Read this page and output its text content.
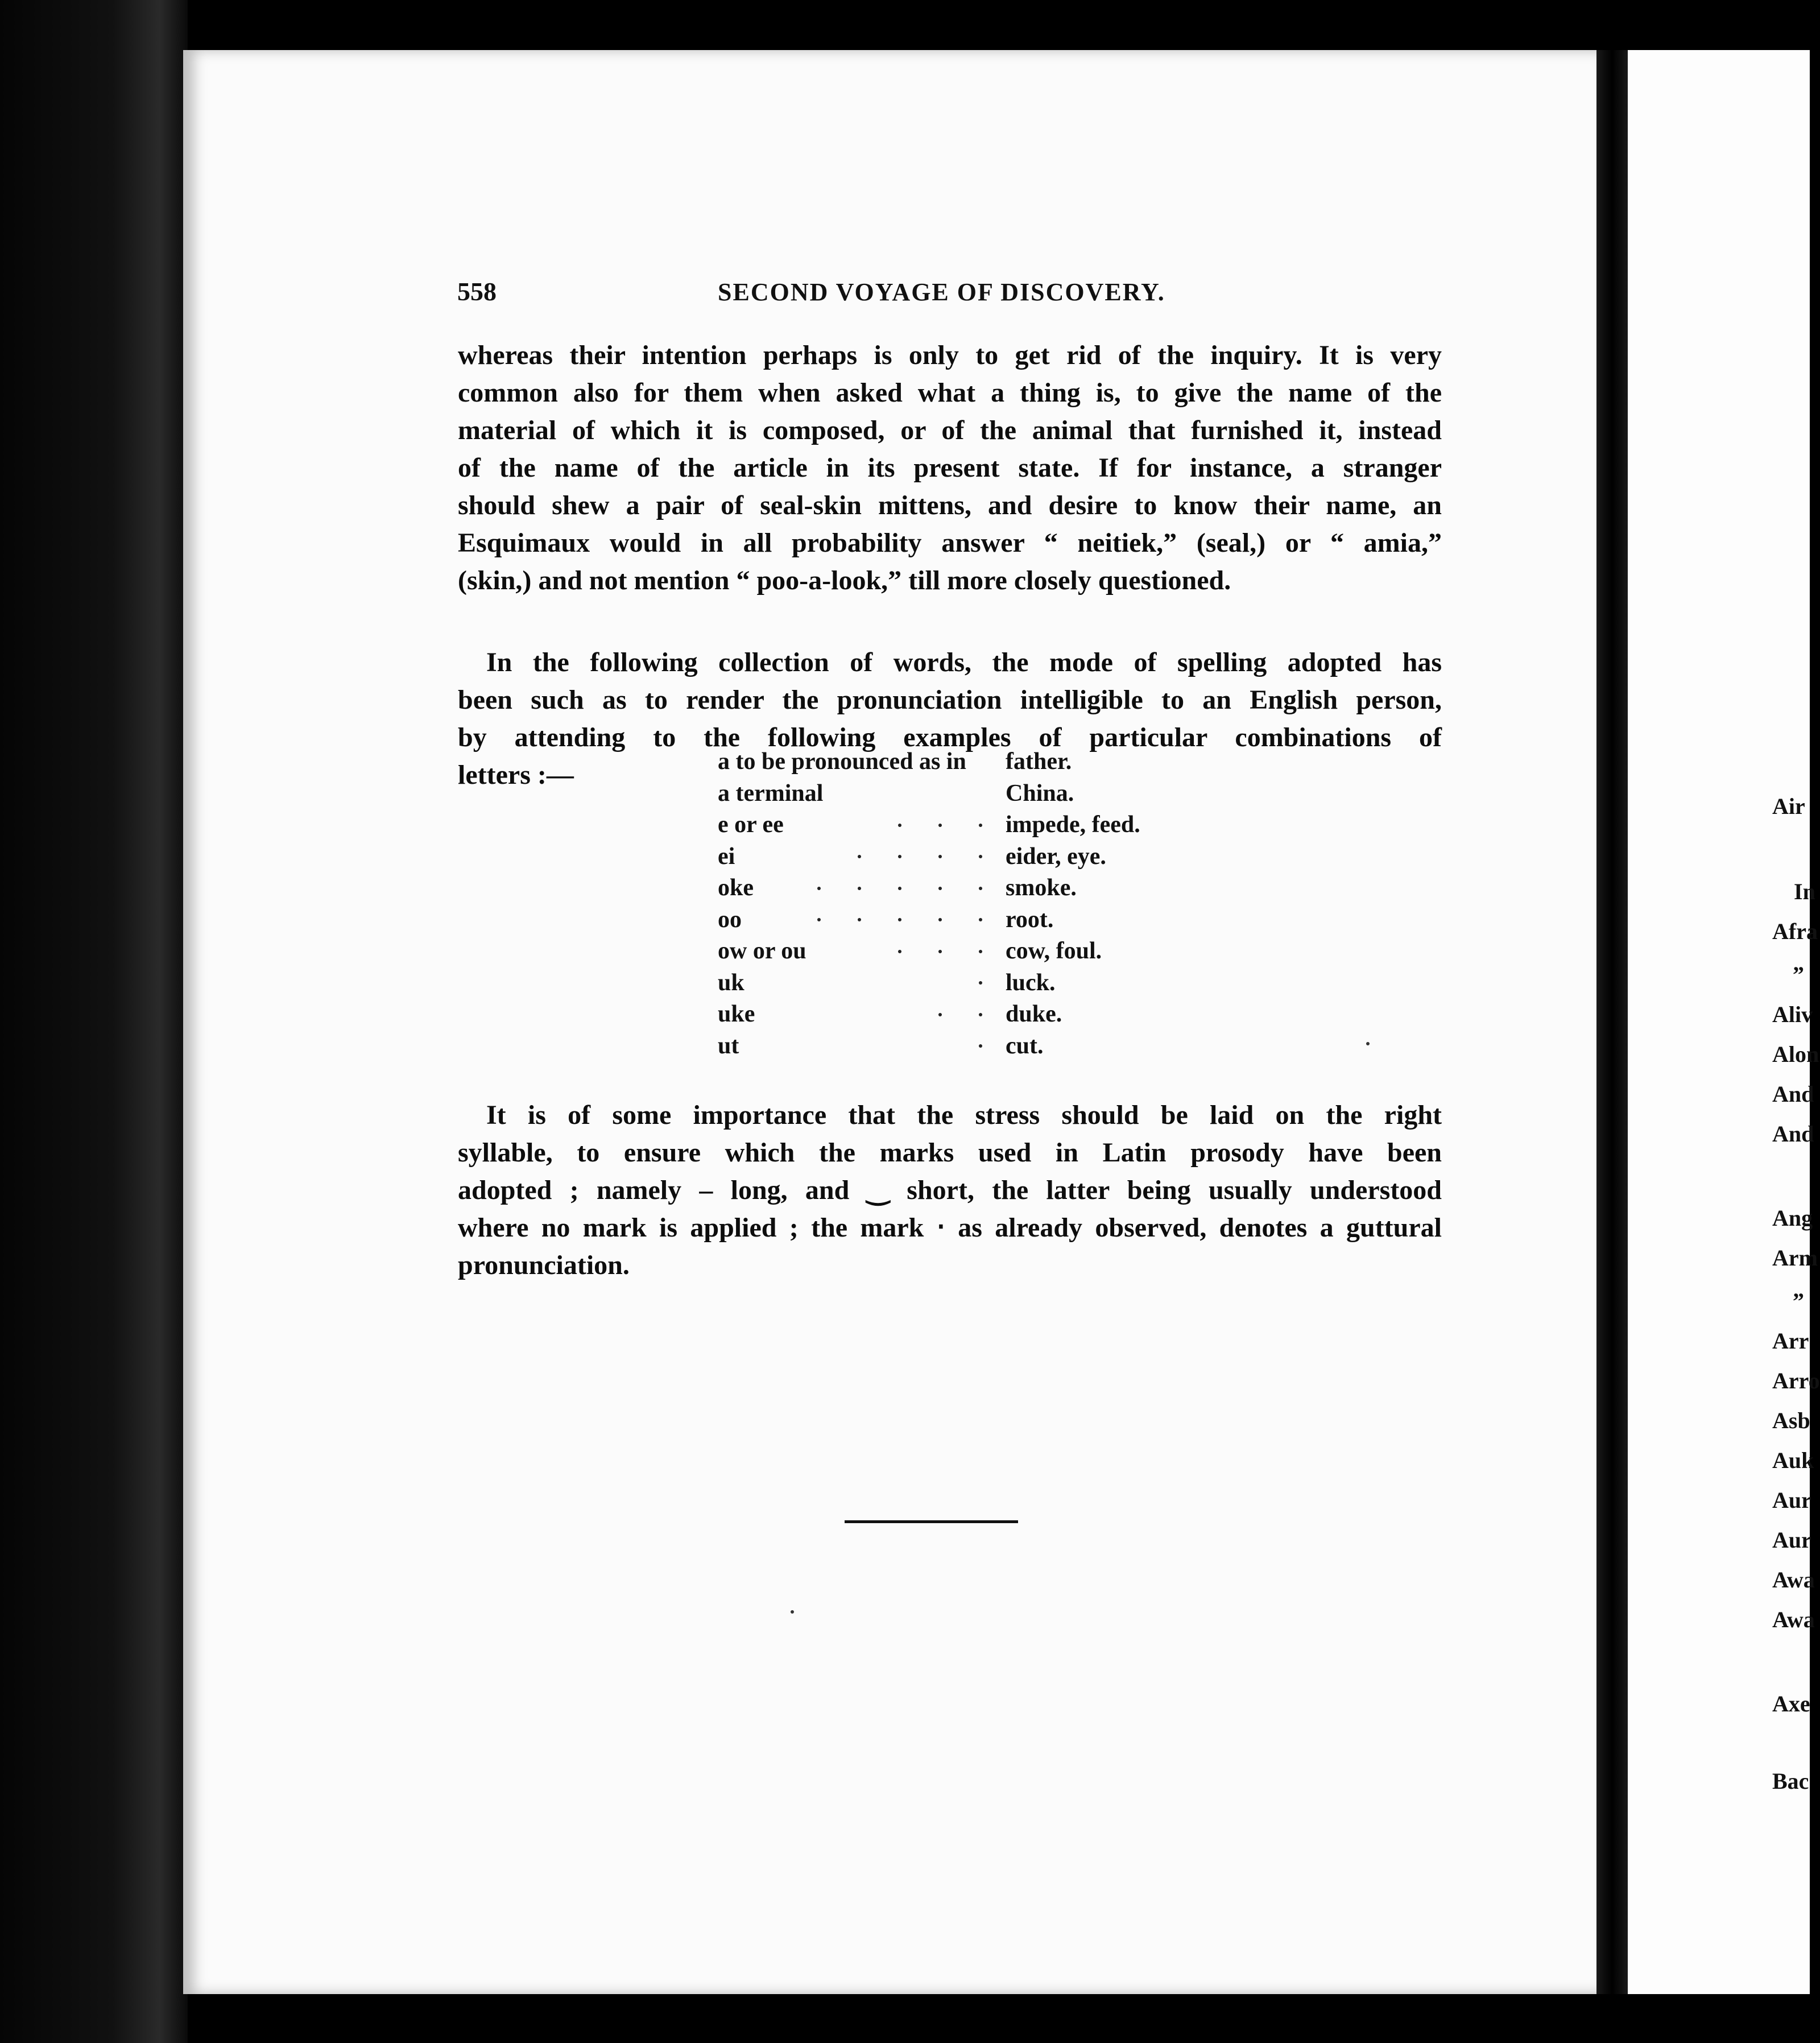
558	SECOND VOYAGE OF DISCOVERY.
whereas their intention perhaps is only to get rid of the inquiry. It is very
common also for them when asked what a thing is, to give the name of the
material of which it is composed, or of the animal that furnished it, instead
of the name of the article in its present state. If for instance, a stranger
should shew a pair of seal-skin mittens, and desire to know their name, an
Esquimaux would in all probability answer “ neitiek,” (seal,) or “ amia,”
(skin,) and not mention “ poo-a-look,” till more closely questioned.
In the following collection of words, the mode of spelling adopted has
been such as to render the pronunciation intelligible to an English person,
by attending to the following examples of particular combinations of
letters :—	a to be pronounced as in father.
a terminal	China.
e or ee	impede, feed.
ei	eider, eye.
oke	smoke.
oo	root.
ow or ou	cow, foul.
uk	luck.
uke	duke.
ut	cut.
It is of some importance that the stress should be laid on the right
syllable, to ensure which the marks used in Latin prosody have been
adopted ; namely – long, and ‿ short, the latter being usually understood
where no mark is applied ; the mark ‧ as already observed, denotes a guttural
pronunciation.
Air
In
Afra
”
Aliv
Alon
And
And
Ang
Arm
”
Arr
Arro
Asb
Auk
Aur
Aur
Awa
Awa
Axe
Bac
